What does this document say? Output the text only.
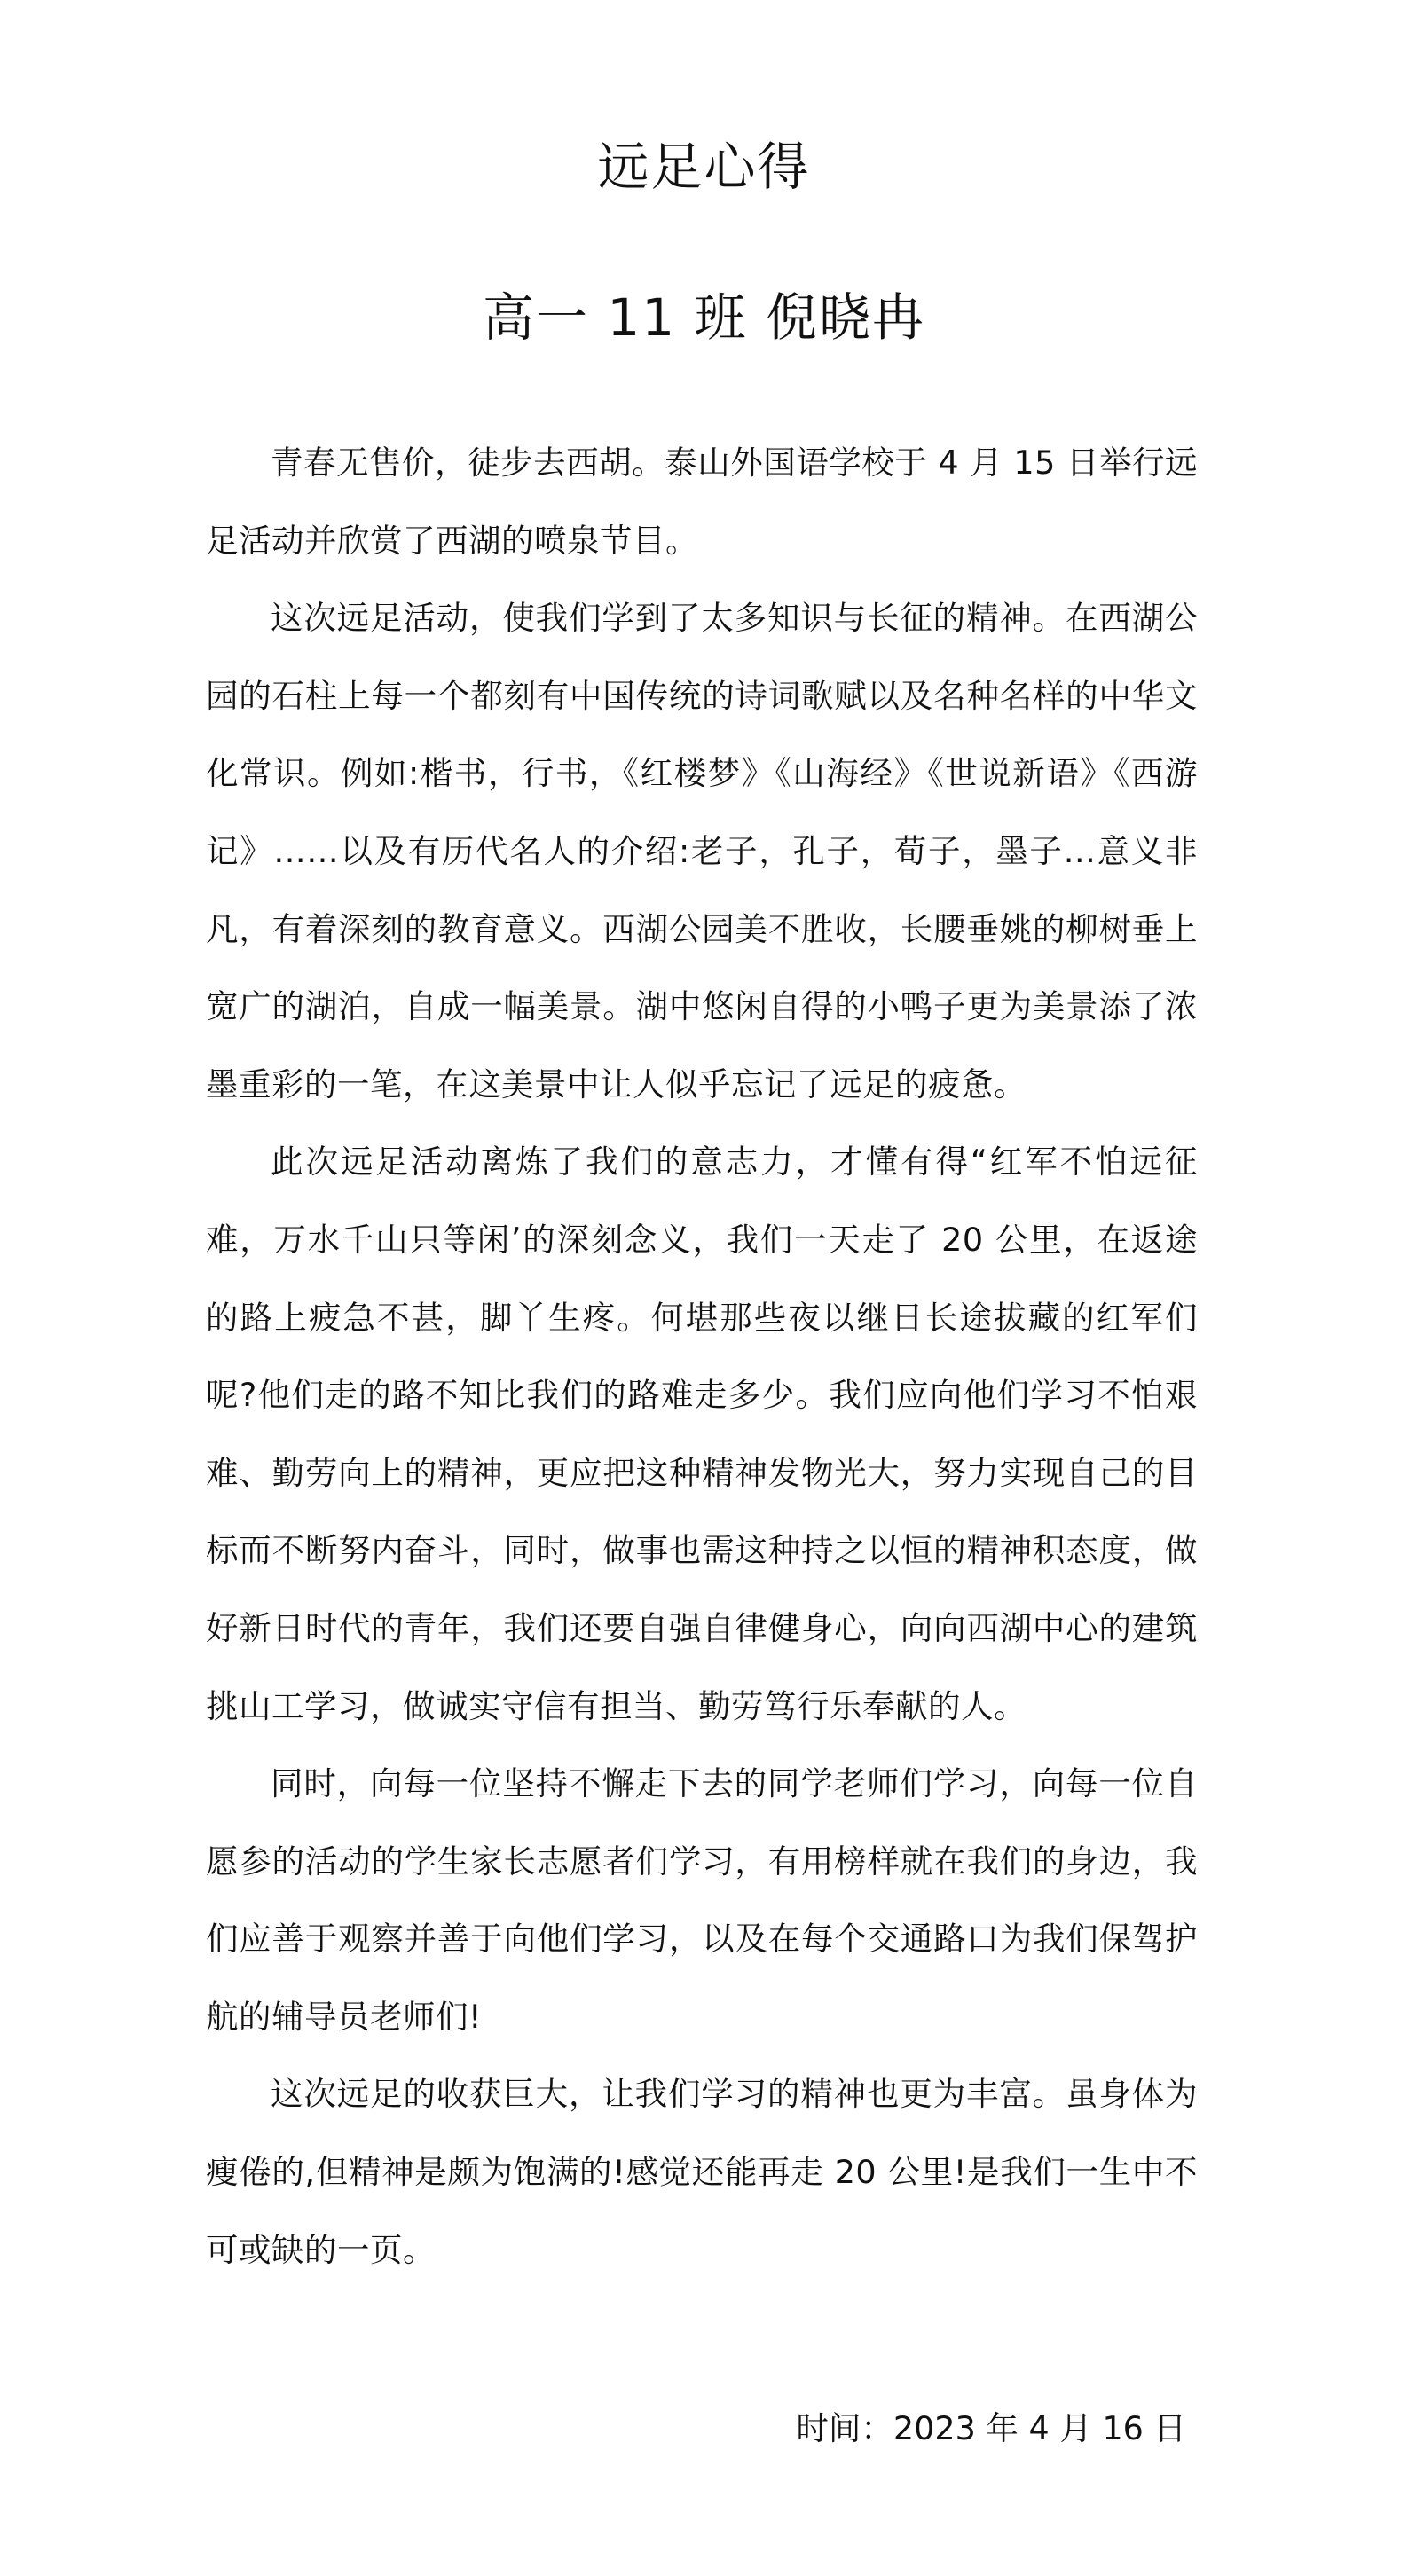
远足心得
高一 11 班 倪晓冉

青春无售价，徒步去西胡。泰山外国语学校于 4 月 15 日举行远足活动并欣赏了西湖的喷泉节目。

这次远足活动，使我们学到了太多知识与长征的精神。在西湖公园的石柱上每一个都刻有中国传统的诗词歌赋以及名种名样的中华文化常识。例如:楷书，行书，《红楼梦》《山海经》《世说新语》《西游记》……以及有历代名人的介绍:老子，孔子，荀子，墨子…意义非凡，有着深刻的教育意义。西湖公园美不胜收，长腰垂姚的柳树垂上宽广的湖泊，自成一幅美景。湖中悠闲自得的小鸭子更为美景添了浓墨重彩的一笔，在这美景中让人似乎忘记了远足的疲惫。

此次远足活动离炼了我们的意志力，才懂有得“红军不怕远征难，万水千山只等闲’的深刻念义，我们一天走了 20 公里，在返途的路上疲急不甚，脚丫生疼。何堪那些夜以继日长途拔藏的红军们呢?他们走的路不知比我们的路难走多少。我们应向他们学习不怕艰难、勤劳向上的精神，更应把这种精神发物光大，努力实现自己的目标而不断努内奋斗，同时，做事也需这种持之以恒的精神积态度，做好新日时代的青年，我们还要自强自律健身心，向向西湖中心的建筑挑山工学习，做诚实守信有担当、勤劳笃行乐奉献的人。

同时，向每一位坚持不懈走下去的同学老师们学习，向每一位自愿参的活动的学生家长志愿者们学习，有用榜样就在我们的身边，我们应善于观察并善于向他们学习，以及在每个交通路口为我们保驾护航的辅导员老师们!

这次远足的收获巨大，让我们学习的精神也更为丰富。虽身体为瘦倦的,但精神是颇为饱满的!感觉还能再走 20 公里!是我们一生中不可或缺的一页。

时间：2023 年 4 月 16 日
